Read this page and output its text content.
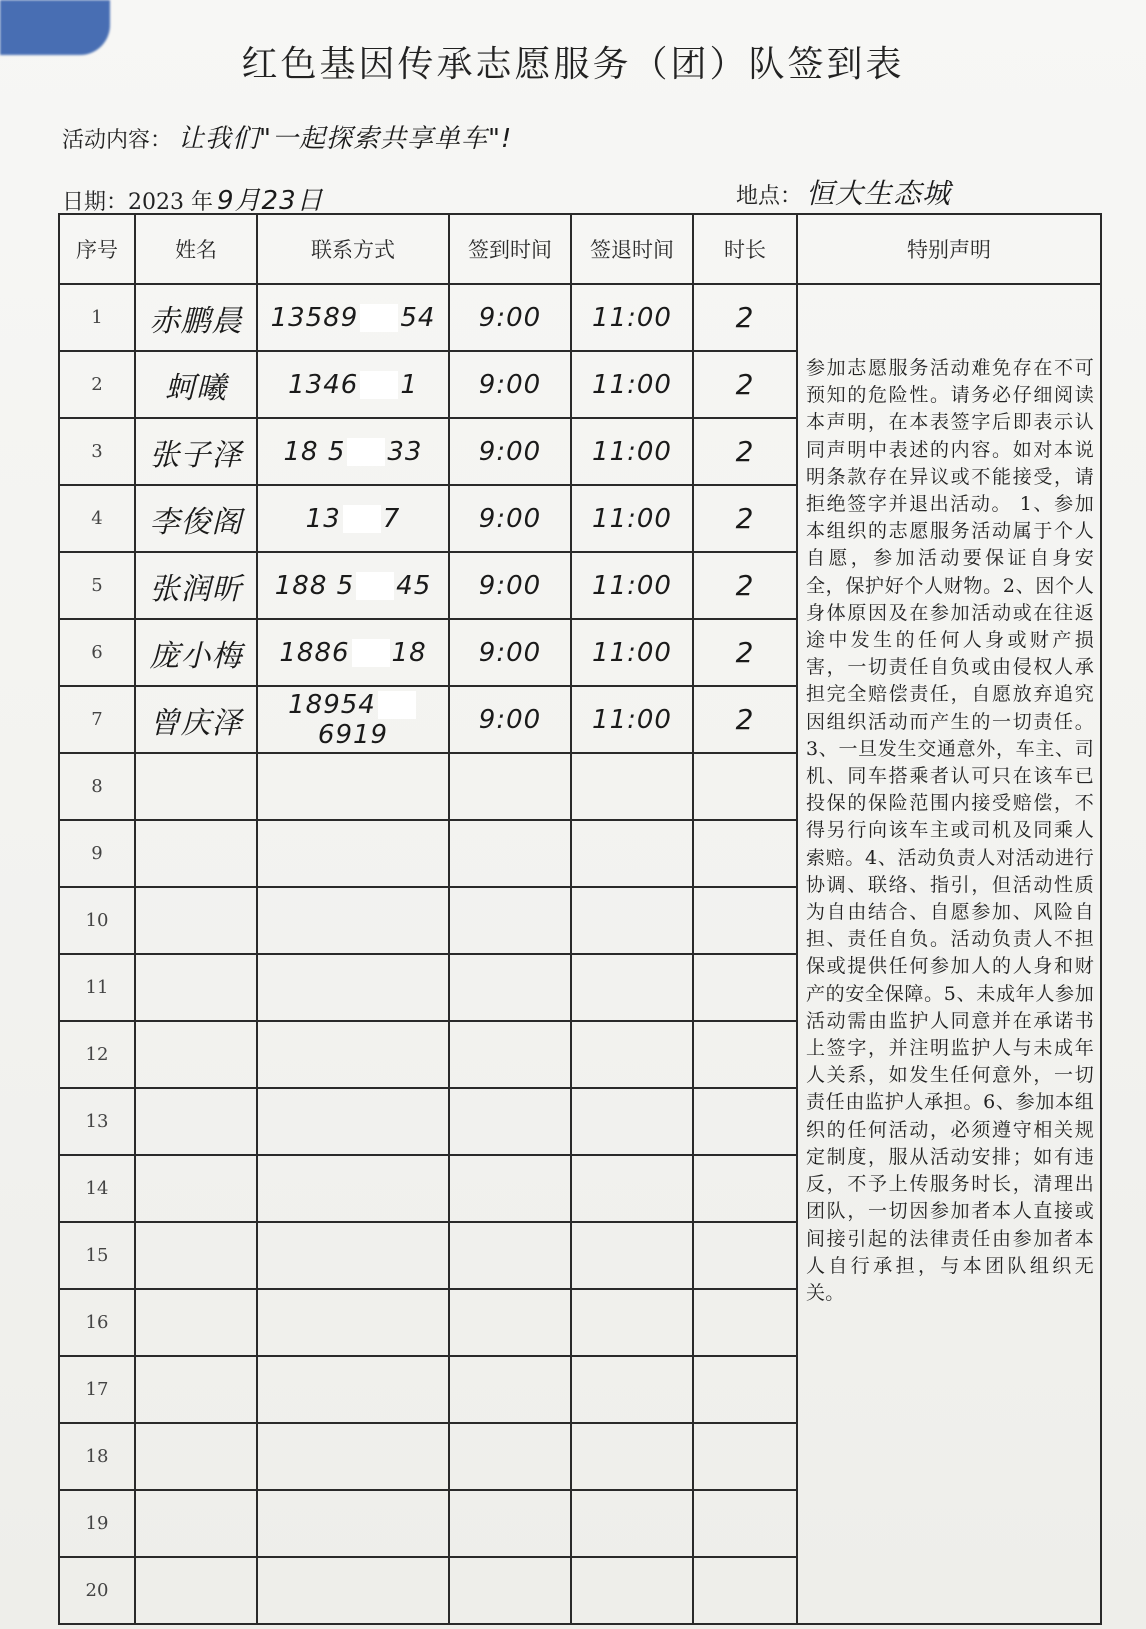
红色基因传承志愿服务（团）队签到表
活动内容： 让我们"一起探索共享单车"!
日期：2023 年 9月23日	地点： 恒大生态城
序号	姓名	联系方式	签到时间	签退时间	时长	特别声明
1	赤鹏晨	13589 54	9:00	11:00	2	参加志愿服务活动难免存在不可预知的危险性。请务必仔细阅读本声明，在本表签字后即表示认同声明中表述的内容。如对本说明条款存在异议或不能接受，请拒绝签字并退出活动。 1、参加本组织的志愿服务活动属于个人自愿，参加活动要保证自身安全，保护好个人财物。2、因个人身体原因及在参加活动或在往返途中发生的任何人身或财产损害，一切责任自负或由侵权人承担完全赔偿责任，自愿放弃追究因组织活动而产生的一切责任。3、一旦发生交通意外，车主、司机、同车搭乘者认可只在该车已投保的保险范围内接受赔偿，不得另行向该车主或司机及同乘人索赔。4、活动负责人对活动进行协调、联络、指引，但活动性质为自由结合、自愿参加、风险自担、责任自负。活动负责人不担保或提供任何参加人的人身和财产的安全保障。5、未成年人参加活动需由监护人同意并在承诺书上签字，并注明监护人与未成年人关系，如发生任何意外，一切责任由监护人承担。6、参加本组织的任何活动，必须遵守相关规定制度，服从活动安排；如有违反，不予上传服务时长，清理出团队，一切因参加者本人直接或间接引起的法律责任由参加者本人自行承担，与本团队组织无关。
2	蚵曦	1346 1	9:00	11:00	2	
3	张子泽	18 5 33	9:00	11:00	2	
4	李俊阁	13 7	9:00	11:00	2	
5	张润昕	188 5 45	9:00	11:00	2	
6	庞小梅	1886 18	9:00	11:00	2	
7	曾庆泽	189546919	9:00	11:00	2	
8						
9						
10						
11						
12						
13						
14						
15						
16						
17						
18						
19						
20						
